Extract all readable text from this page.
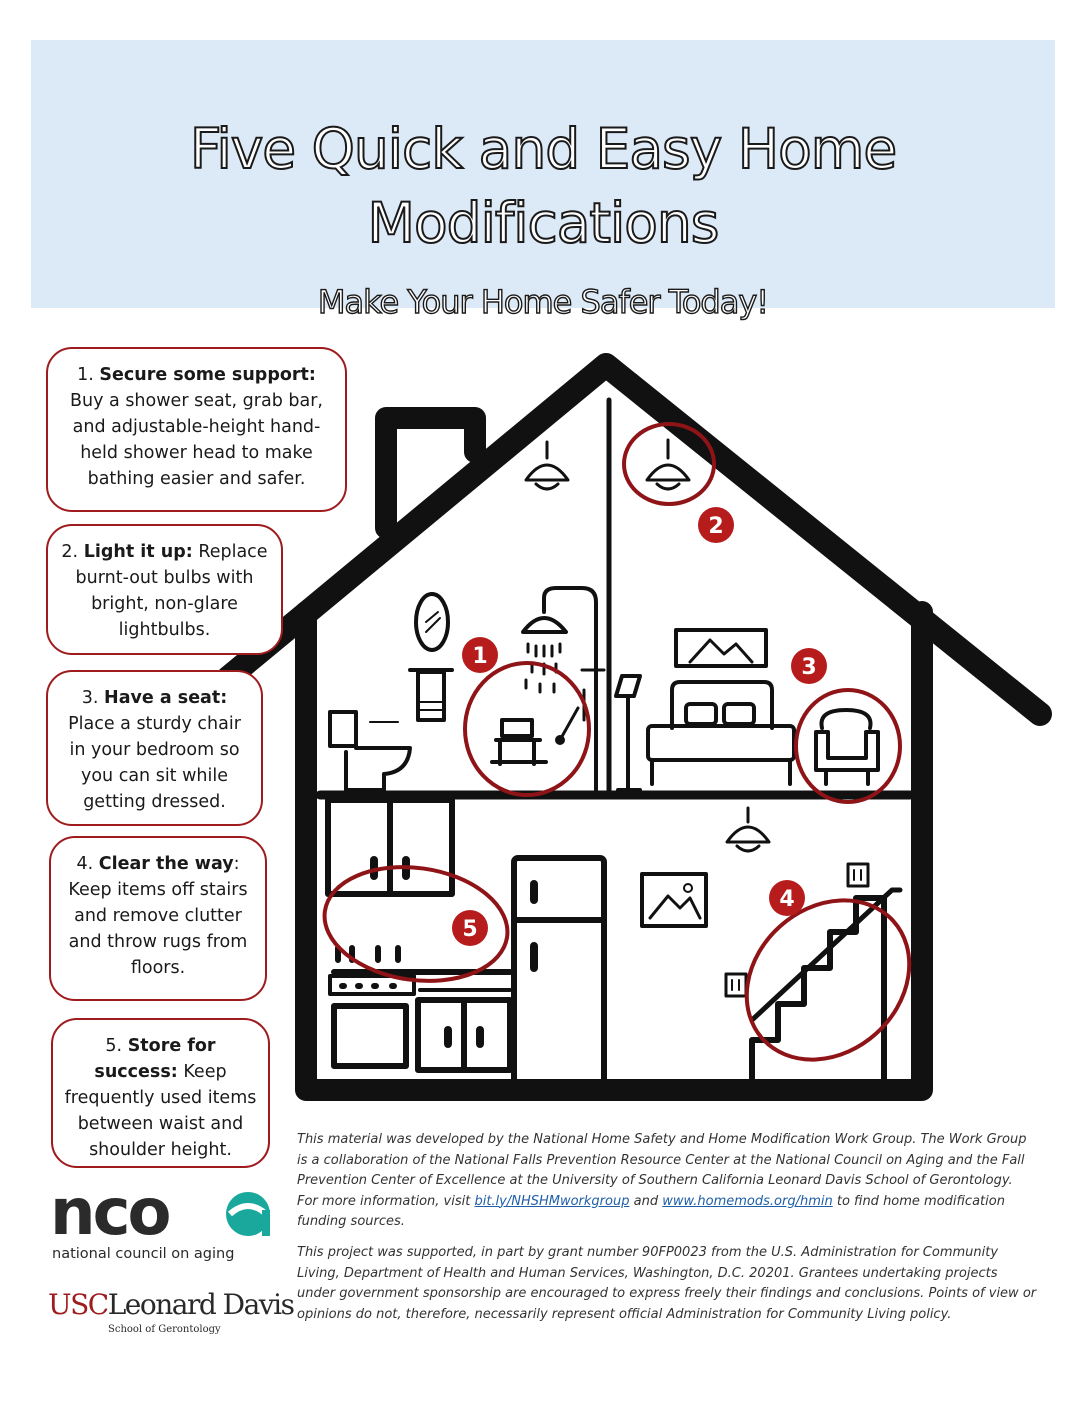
Five Quick and Easy Home Modifications

Make Your Home Safer Today!

1
2
3
4
5
1. Secure some support: Buy a shower seat, grab bar, and adjustable-height hand-held shower head to make bathing easier and safer.
2. Light it up: Replace burnt-out bulbs with bright, non-glare lightbulbs.
3. Have a seat: Place a sturdy chair in your bedroom so you can sit while getting dressed.
4. Clear the way: Keep items off stairs and remove clutter and throw rugs from floors.
5. Store for success: Keep frequently used items between waist and shoulder height.
This material was developed by the National Home Safety and Home Modification Work Group. The Work Group is a collaboration of the National Falls Prevention Resource Center at the National Council on Aging and the Fall Prevention Center of Excellence at the University of Southern California Leonard Davis School of Gerontology. For more information, visit bit.ly/NHSHMworkgroup and www.homemods.org/hmin to find home modification funding sources.
This project was supported, in part by grant number 90FP0023 from the U.S. Administration for Community Living, Department of Health and Human Services, Washington, D.C. 20201. Grantees undertaking projects under government sponsorship are encouraged to express freely their findings and conclusions. Points of view or opinions do not, therefore, necessarily represent official Administration for Community Living policy.
nco
national council on aging
USCLeonard Davis
School of Gerontology
